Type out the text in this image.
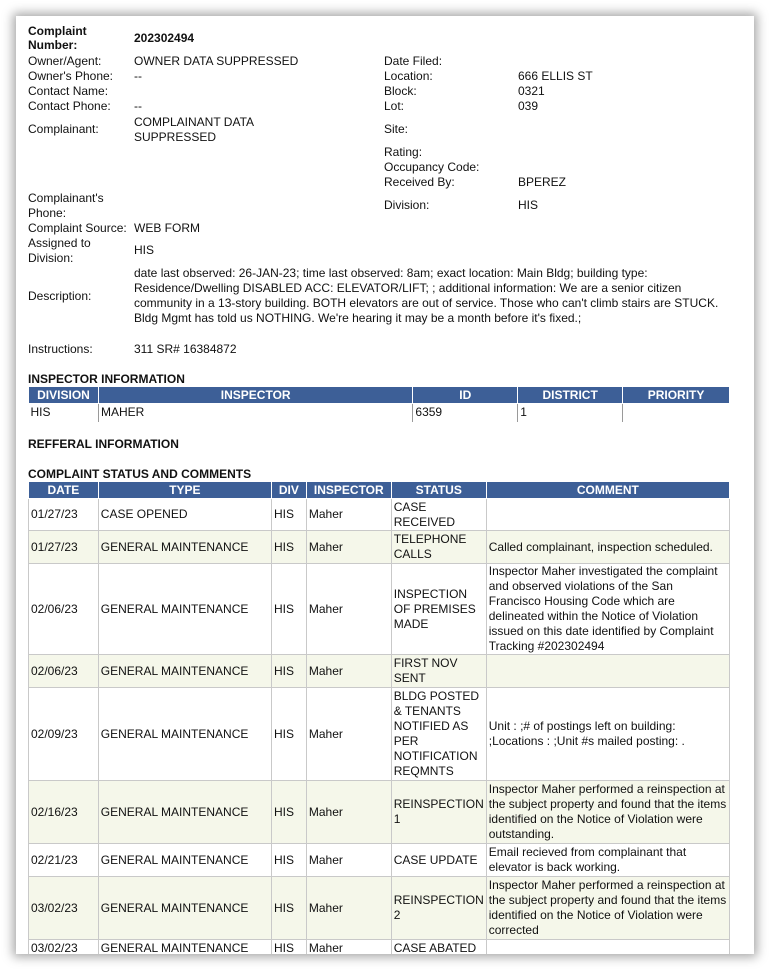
Complaint Number:	202302494
Owner/Agent:	OWNER DATA SUPPRESSED
Owner's Phone: --
Contact Name:
Contact Phone: --
Complainant:	COMPLAINANT DATA
SUPPRESSED
Complainant's
Phone:
Complaint Source: WEB FORM
Assigned to
Division:
HIS
Description:
date last observed: 26-JAN-23; time last observed: 8am; exact location: Main Bldg; building type:
Residence/Dwelling DISABLED ACC: ELEVATOR/LIFT; ; additional information: We are a senior citizen
community in a 13-story building. BOTH elevators are out of service. Those who can't climb stairs are STUCK.
Bldg Mgmt has told us NOTHING. We're hearing it may be a month before it's fixed.;
Instructions:	311 SR# 16384872
Date Filed:
Location:	666 ELLIS ST
Block:	0321
Lot:	039
Site:
Rating:
Occupancy Code:
Received By:	BPEREZ
Division:	HIS
INSPECTOR INFORMATION
DIVISION	INSPECTOR	ID	DISTRICT	PRIORITY
HIS	MAHER	6359	1	
REFFERAL INFORMATION
COMPLAINT STATUS AND COMMENTS
DATE	TYPE	DIV	INSPECTOR	STATUS	COMMENT
01/27/23	CASE OPENED	HIS	Maher	CASE RECEIVED	
01/27/23	GENERAL MAINTENANCE	HIS	Maher	TELEPHONE CALLS	Called complainant, inspection scheduled.
02/06/23	GENERAL MAINTENANCE	HIS	Maher	INSPECTION OF PREMISES MADE	Inspector Maher investigated the complaint and observed violations of the San Francisco Housing Code which are delineated within the Notice of Violation issued on this date identified by Complaint Tracking #202302494
02/06/23	GENERAL MAINTENANCE	HIS	Maher	FIRST NOV SENT	
02/09/23	GENERAL MAINTENANCE	HIS	Maher	BLDG POSTED & TENANTS NOTIFIED AS PER NOTIFICATION REQMNTS	Unit : ;# of postings left on building: ;Locations : ;Unit #s mailed posting: .
02/16/23	GENERAL MAINTENANCE	HIS	Maher	REINSPECTION 1	Inspector Maher performed a reinspection at the subject property and found that the items identified on the Notice of Violation were outstanding.
02/21/23	GENERAL MAINTENANCE	HIS	Maher	CASE UPDATE	Email recieved from complainant that elevator is back working.
03/02/23	GENERAL MAINTENANCE	HIS	Maher	REINSPECTION 2	Inspector Maher performed a reinspection at the subject property and found that the items identified on the Notice of Violation were corrected
03/02/23	GENERAL MAINTENANCE	HIS	Maher	CASE ABATED	
